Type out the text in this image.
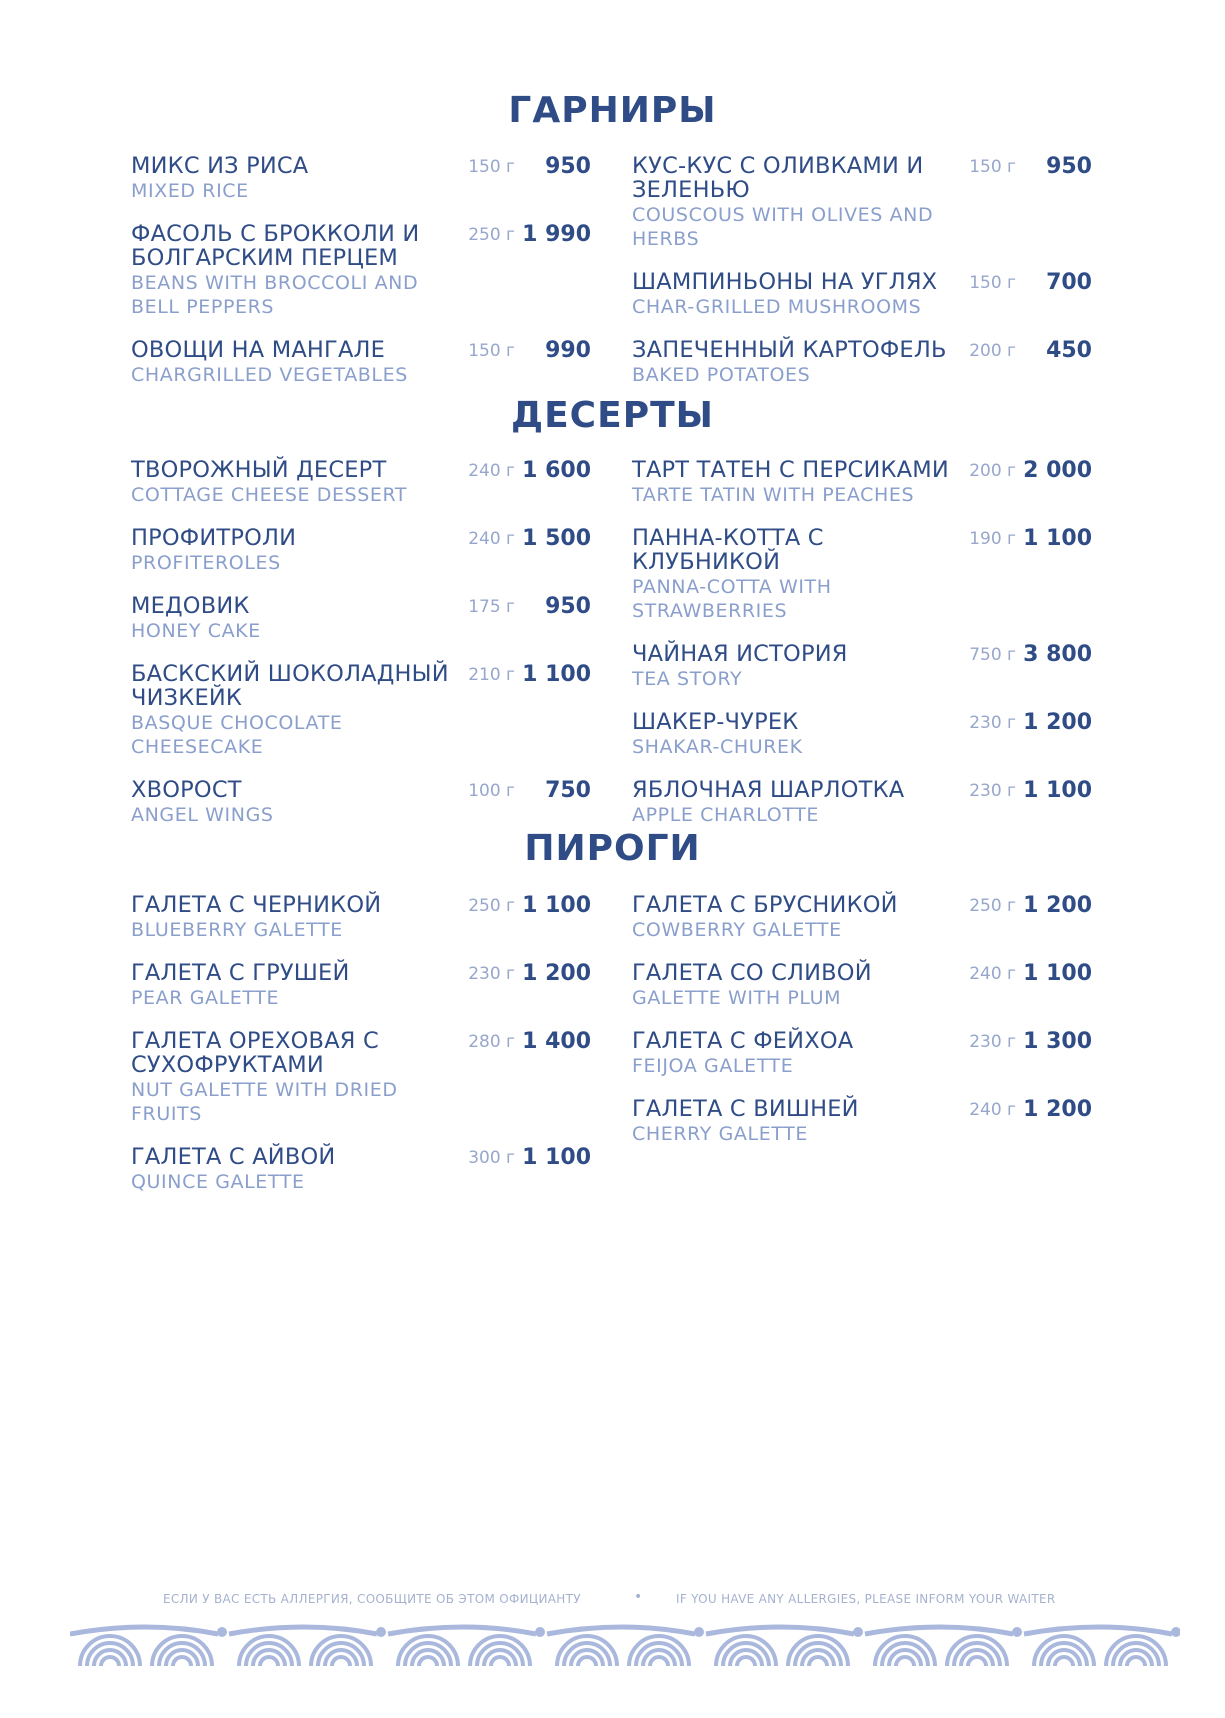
ГАРНИРЫ
МИКС ИЗ РИСА
MIXED RICE
150 г 950
ФАСОЛЬ С БРОККОЛИ И БОЛГАРСКИМ ПЕРЦЕМ
BEANS WITH BROCCOLI AND BELL PEPPERS
250 г 1 990
ОВОЩИ НА МАНГАЛЕ
CHARGRILLED VEGETABLES
150 г 990
КУС-КУС С ОЛИВКАМИ И ЗЕЛЕНЬЮ
COUSCOUS WITH OLIVES AND HERBS
150 г 950
ШАМПИНЬОНЫ НА УГЛЯХ
CHAR-GRILLED MUSHROOMS
150 г 700
ЗАПЕЧЕННЫЙ КАРТОФЕЛЬ
BAKED POTATOES
200 г 450
ДЕСЕРТЫ
ТВОРОЖНЫЙ ДЕСЕРТ
COTTAGE CHEESE DESSERT
240 г 1 600
ПРОФИТРОЛИ
PROFITEROLES
240 г 1 500
МЕДОВИК
HONEY CAKE
175 г 950
БАСКСКИЙ ШОКОЛАДНЫЙ ЧИЗКЕЙК
BASQUE CHOCOLATE CHEESECAKE
210 г 1 100
ХВОРОСТ
ANGEL WINGS
100 г 750
ТАРТ ТАТЕН С ПЕРСИКАМИ
TARTE TATIN WITH PEACHES
200 г 2 000
ПАННА-КОТТА С КЛУБНИКОЙ
PANNA-COTTA WITH STRAWBERRIES
190 г 1 100
ЧАЙНАЯ ИСТОРИЯ
TEA STORY
750 г 3 800
ШАКЕР-ЧУРЕК
SHAKAR-CHUREK
230 г 1 200
ЯБЛОЧНАЯ ШАРЛОТКА
APPLE CHARLOTTE
230 г 1 100
ПИРОГИ
ГАЛЕТА С ЧЕРНИКОЙ
BLUEBERRY GALETTE
250 г 1 100
ГАЛЕТА С ГРУШЕЙ
PEAR GALETTE
230 г 1 200
ГАЛЕТА ОРЕХОВАЯ С СУХОФРУКТАМИ
NUT GALETTE WITH DRIED FRUITS
280 г 1 400
ГАЛЕТА С АЙВОЙ
QUINCE GALETTE
300 г 1 100
ГАЛЕТА С БРУСНИКОЙ
COWBERRY GALETTE
250 г 1 200
ГАЛЕТА СО СЛИВОЙ
GALETTE WITH PLUM
240 г 1 100
ГАЛЕТА С ФЕЙХОА
FEIJOA GALETTE
230 г 1 300
ГАЛЕТА С ВИШНЕЙ
CHERRY GALETTE
240 г 1 200
ЕСЛИ У ВАС ЕСТЬ АЛЛЕРГИЯ, СООБЩИТЕ ОБ ЭТОМ ОФИЦИАНТУ	•	IF YOU HAVE ANY ALLERGIES, PLEASE INFORM YOUR WAITER
